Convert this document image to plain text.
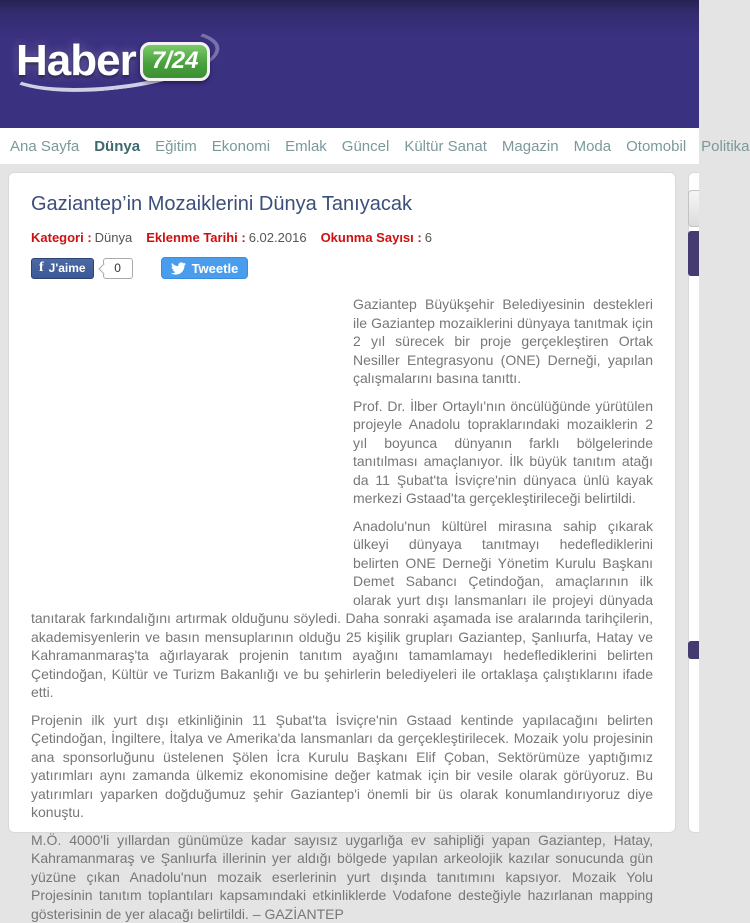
Haber 7/24
Ana Sayfa Dünya Eğitim Ekonomi Emlak Güncel Kültür Sanat Magazin Moda Otomobil Politika
Gaziantep’in Mozaiklerini Dünya Tanıyacak
Kategori : Dünya Eklenme Tarihi : 6.02.2016 Okunma Sayısı : 6
f J'aime	0	Tweetle

Gaziantep Büyükşehir Belediyesinin destekleri ile Gaziantep mozaiklerini dünyaya tanıtmak için 2 yıl sürecek bir proje gerçekleştiren Ortak Nesiller Entegrasyonu (ONE) Derneği, yapılan çalışmalarını basına tanıttı.

Prof. Dr. İlber Ortaylı'nın öncülüğünde yürütülen projeyle Anadolu topraklarındaki mozaiklerin 2 yıl boyunca dünyanın farklı bölgelerinde tanıtılması amaçlanıyor. İlk büyük tanıtım atağı da 11 Şubat'ta İsviçre'nin dünyaca ünlü kayak merkezi Gstaad'ta gerçekleştirileceği belirtildi.

Anadolu'nun kültürel mirasına sahip çıkarak ülkeyi dünyaya tanıtmayı hedeflediklerini belirten ONE Derneği Yönetim Kurulu Başkanı Demet Sabancı Çetindoğan, amaçlarının ilk olarak yurt dışı lansmanları ile projeyi dünyada tanıtarak farkındalığını artırmak olduğunu söyledi. Daha sonraki aşamada ise aralarında tarihçilerin, akademisyenlerin ve basın mensuplarının olduğu 25 kişilik grupları Gaziantep, Şanlıurfa, Hatay ve Kahramanmaraş'ta ağırlayarak projenin tanıtım ayağını tamamlamayı hedeflediklerini belirten Çetindoğan, Kültür ve Turizm Bakanlığı ve bu şehirlerin belediyeleri ile ortaklaşa çalıştıklarını ifade etti.

Projenin ilk yurt dışı etkinliğinin 11 Şubat'ta İsviçre'nin Gstaad kentinde yapılacağını belirten Çetindoğan, İngiltere, İtalya ve Amerika'da lansmanları da gerçekleştirilecek. Mozaik yolu projesinin ana sponsorluğunu üstelenen Şölen İcra Kurulu Başkanı Elif Çoban, Sektörümüze yaptığımız yatırımları aynı zamanda ülkemiz ekonomisine değer katmak için bir vesile olarak görüyoruz. Bu yatırımları yaparken doğduğumuz şehir Gaziantep'i önemli bir üs olarak konumlandırıyoruz diye konuştu.

M.Ö. 4000'li yıllardan günümüze kadar sayısız uygarlığa ev sahipliği yapan Gaziantep, Hatay, Kahramanmaraş ve Şanlıurfa illerinin yer aldığı bölgede yapılan arkeolojik kazılar sonucunda gün yüzüne çıkan Anadolu'nun mozaik eserlerinin yurt dışında tanıtımını kapsıyor. Mozaik Yolu Projesinin tanıtım toplantıları kapsamındaki etkinliklerde Vodafone desteğiyle hazırlanan mapping gösterisinin de yer alacağı belirtildi. – GAZİANTEP
